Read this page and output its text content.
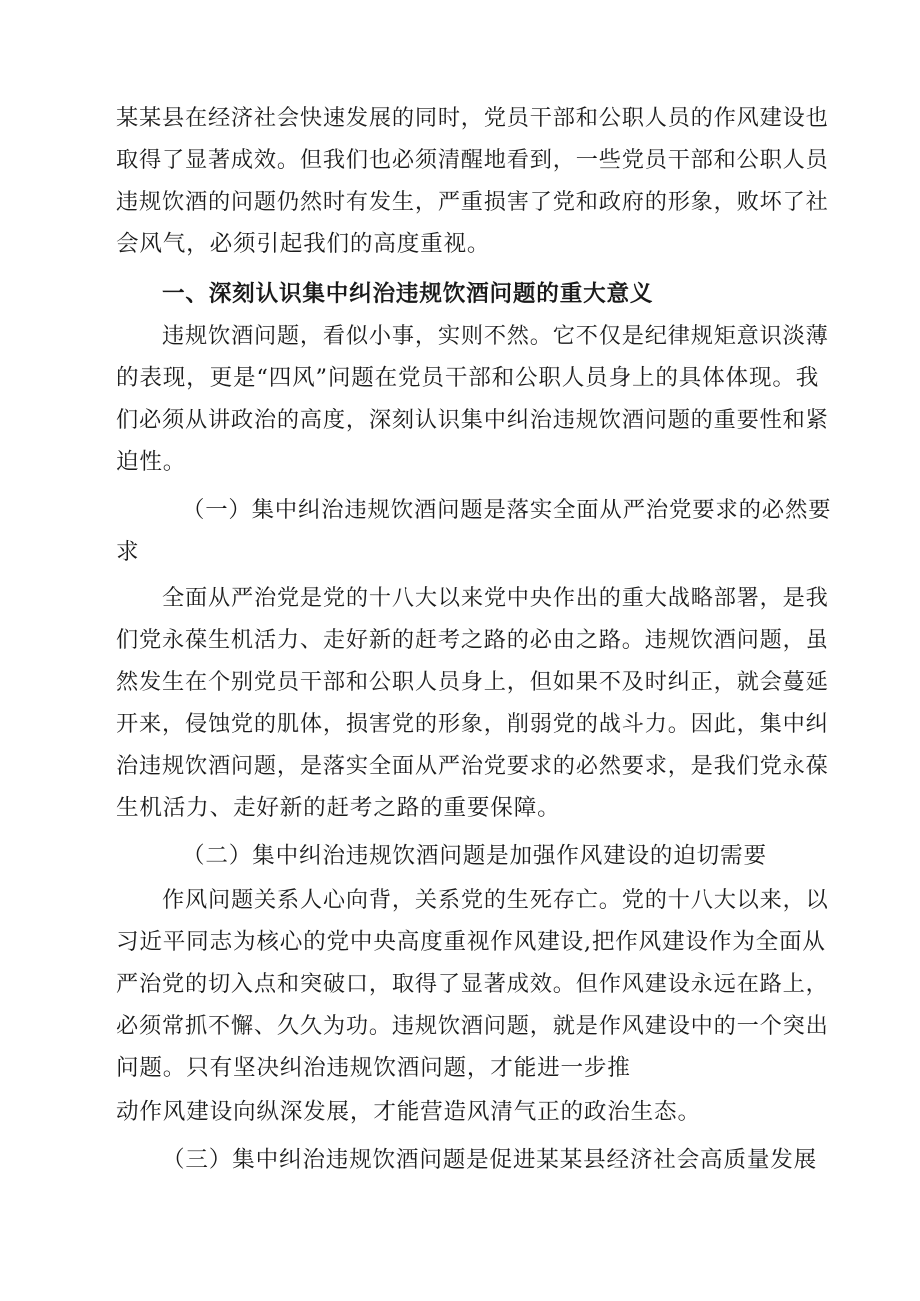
某某县在经济社会快速发展的同时，党员干部和公职人员的作风建设也
取得了显著成效。但我们也必须清醒地看到，一些党员干部和公职人员
违规饮酒的问题仍然时有发生，严重损害了党和政府的形象，败坏了社
会风气，必须引起我们的高度重视。
一、深刻认识集中纠治违规饮酒问题的重大意义
违规饮酒问题，看似小事，实则不然。它不仅是纪律规矩意识淡薄
的表现，更是“四风”问题在党员干部和公职人员身上的具体体现。我
们必须从讲政治的高度，深刻认识集中纠治违规饮酒问题的重要性和紧
迫性。
（一）集中纠治违规饮酒问题是落实全面从严治党要求的必然要
求
全面从严治党是党的十八大以来党中央作出的重大战略部署，是我
们党永葆生机活力、走好新的赶考之路的必由之路。违规饮酒问题，虽
然发生在个别党员干部和公职人员身上，但如果不及时纠正，就会蔓延
开来，侵蚀党的肌体，损害党的形象，削弱党的战斗力。因此，集中纠
治违规饮酒问题，是落实全面从严治党要求的必然要求，是我们党永葆
生机活力、走好新的赶考之路的重要保障。
（二）集中纠治违规饮酒问题是加强作风建设的迫切需要
作风问题关系人心向背，关系党的生死存亡。党的十八大以来，以
习近平同志为核心的党中央高度重视作风建设,把作风建设作为全面从
严治党的切入点和突破口，取得了显著成效。但作风建设永远在路上，
必须常抓不懈、久久为功。违规饮酒问题，就是作风建设中的一个突出
问题。只有坚决纠治违规饮酒问题，才能进一步推
动作风建设向纵深发展，才能营造风清气正的政治生态。
（三）集中纠治违规饮酒问题是促进某某县经济社会高质量发展
